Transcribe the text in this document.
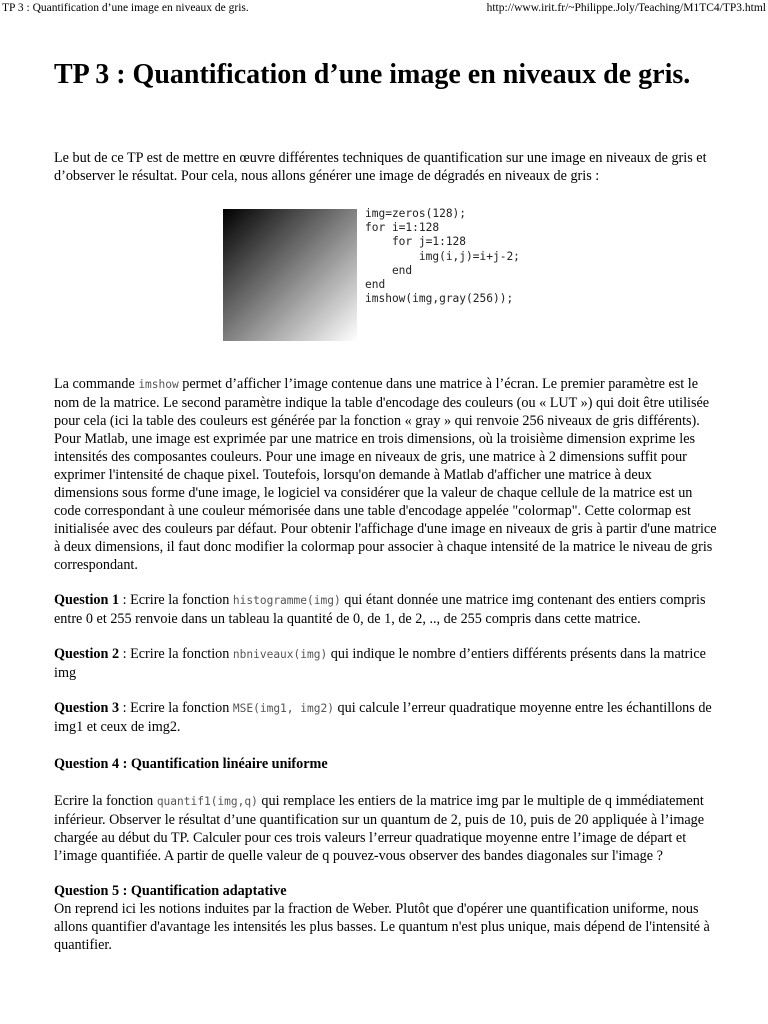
TP 3 : Quantification d’une image en niveaux de gris.	http://www.irit.fr/~Philippe.Joly/Teaching/M1TC4/TP3.html
TP 3 : Quantification d’une image en niveaux de gris.

Le but de ce TP est de mettre en œuvre différentes techniques de quantification sur une image en niveaux de gris et d’observer le résultat. Pour cela, nous allons générer une image de dégradés en niveaux de gris :

img=zeros(128);
for i=1:128
for j=1:128
img(i,j)=i+j-2;
end
end
imshow(img,gray(256));

La commande imshow permet d’afficher l’image contenue dans une matrice à l’écran. Le premier paramètre est le nom de la matrice. Le second paramètre indique la table d'encodage des couleurs (ou « LUT ») qui doit être utilisée pour cela (ici la table des couleurs est générée par la fonction « gray » qui renvoie 256 niveaux de gris différents). Pour Matlab, une image est exprimée par une matrice en trois dimensions, où la troisième dimension exprime les intensités des composantes couleurs. Pour une image en niveaux de gris, une matrice à 2 dimensions suffit pour exprimer l'intensité de chaque pixel. Toutefois, lorsqu'on demande à Matlab d'afficher une matrice à deux dimensions sous forme d'une image, le logiciel va considérer que la valeur de chaque cellule de la matrice est un code correspondant à une couleur mémorisée dans une table d'encodage appelée "colormap". Cette colormap est initialisée avec des couleurs par défaut. Pour obtenir l'affichage d'une image en niveaux de gris à partir d'une matrice à deux dimensions, il faut donc modifier la colormap pour associer à chaque intensité de la matrice le niveau de gris correspondant.

Question 1 : Ecrire la fonction histogramme(img) qui étant donnée une matrice img contenant des entiers compris entre 0 et 255 renvoie dans un tableau la quantité de 0, de 1, de 2, .., de 255 compris dans cette matrice.

Question 2 : Ecrire la fonction nbniveaux(img) qui indique le nombre d’entiers différents présents dans la matrice img

Question 3 : Ecrire la fonction MSE(img1, img2) qui calcule l’erreur quadratique moyenne entre les échantillons de img1 et ceux de img2.

Question 4 : Quantification linéaire uniforme

Ecrire la fonction quantif1(img,q) qui remplace les entiers de la matrice img par le multiple de q immédiatement inférieur. Observer le résultat d’une quantification sur un quantum de 2, puis de 10, puis de 20 appliquée à l’image chargée au début du TP. Calculer pour ces trois valeurs l’erreur quadratique moyenne entre l’image de départ et l’image quantifiée. A partir de quelle valeur de q pouvez-vous observer des bandes diagonales sur l'image ?

Question 5 : Quantification adaptative

On reprend ici les notions induites par la fraction de Weber. Plutôt que d'opérer une quantification uniforme, nous allons quantifier d'avantage les intensités les plus basses. Le quantum n'est plus unique, mais dépend de l'intensité à quantifier.
